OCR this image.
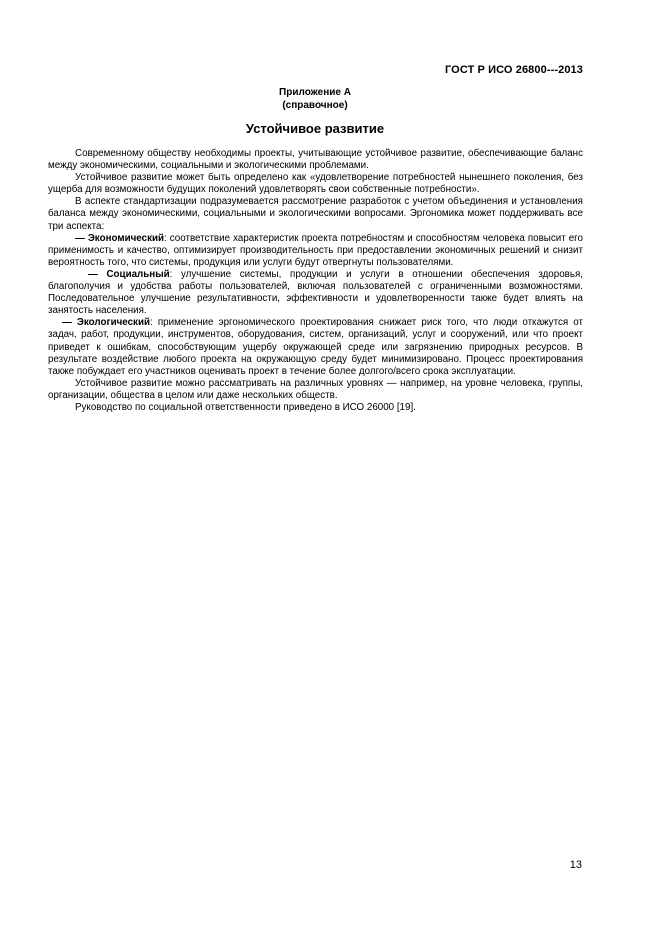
ГОСТ Р ИСО 26800---2013
Приложение А
(справочное)
Устойчивое развитие

Современному обществу необходимы проекты, учитывающие устойчивое развитие, обеспечивающие баланс между экономическими, социальными и экологическими проблемами.

Устойчивое развитие может быть определено как «удовлетворение потребностей нынешнего поколения, без ущерба для возможности будущих поколений удовлетворять свои собственные потребности».

В аспекте стандартизации подразумевается рассмотрение разработок с учетом объединения и установления баланса между экономическими, социальными и экологическими вопросами. Эргономика может поддерживать все три аспекта:

— Экономический: соответствие характеристик проекта потребностям и способностям человека повысит его применимость и качество, оптимизирует производительность при предоставлении экономичных решений и снизит вероятность того, что системы, продукция или услуги будут отвергнуты пользователями.

— Социальный: улучшение системы, продукции и услуги в отношении обеспечения здоровья, благополучия и удобства работы пользователей, включая пользователей с ограниченными возможностями. Последовательное улучшение результативности, эффективности и удовлетворенности также будет влиять на занятость населения.

— Экологический: применение эргономического проектирования снижает риск того, что люди откажутся от задач, работ, продукции, инструментов, оборудования, систем, организаций, услуг и сооружений, или что проект приведет к ошибкам, способствующим ущербу окружающей среде или загрязнению природных ресурсов. В результате воздействие любого проекта на окружающую среду будет минимизировано. Процесс проектирования также побуждает его участников оценивать проект в течение более долгого/всего срока эксплуатации.

Устойчивое развитие можно рассматривать на различных уровнях — например, на уровне человека, группы, организации, общества в целом или даже нескольких обществ.

Руководство по социальной ответственности приведено в ИСО 26000 [19].

13
